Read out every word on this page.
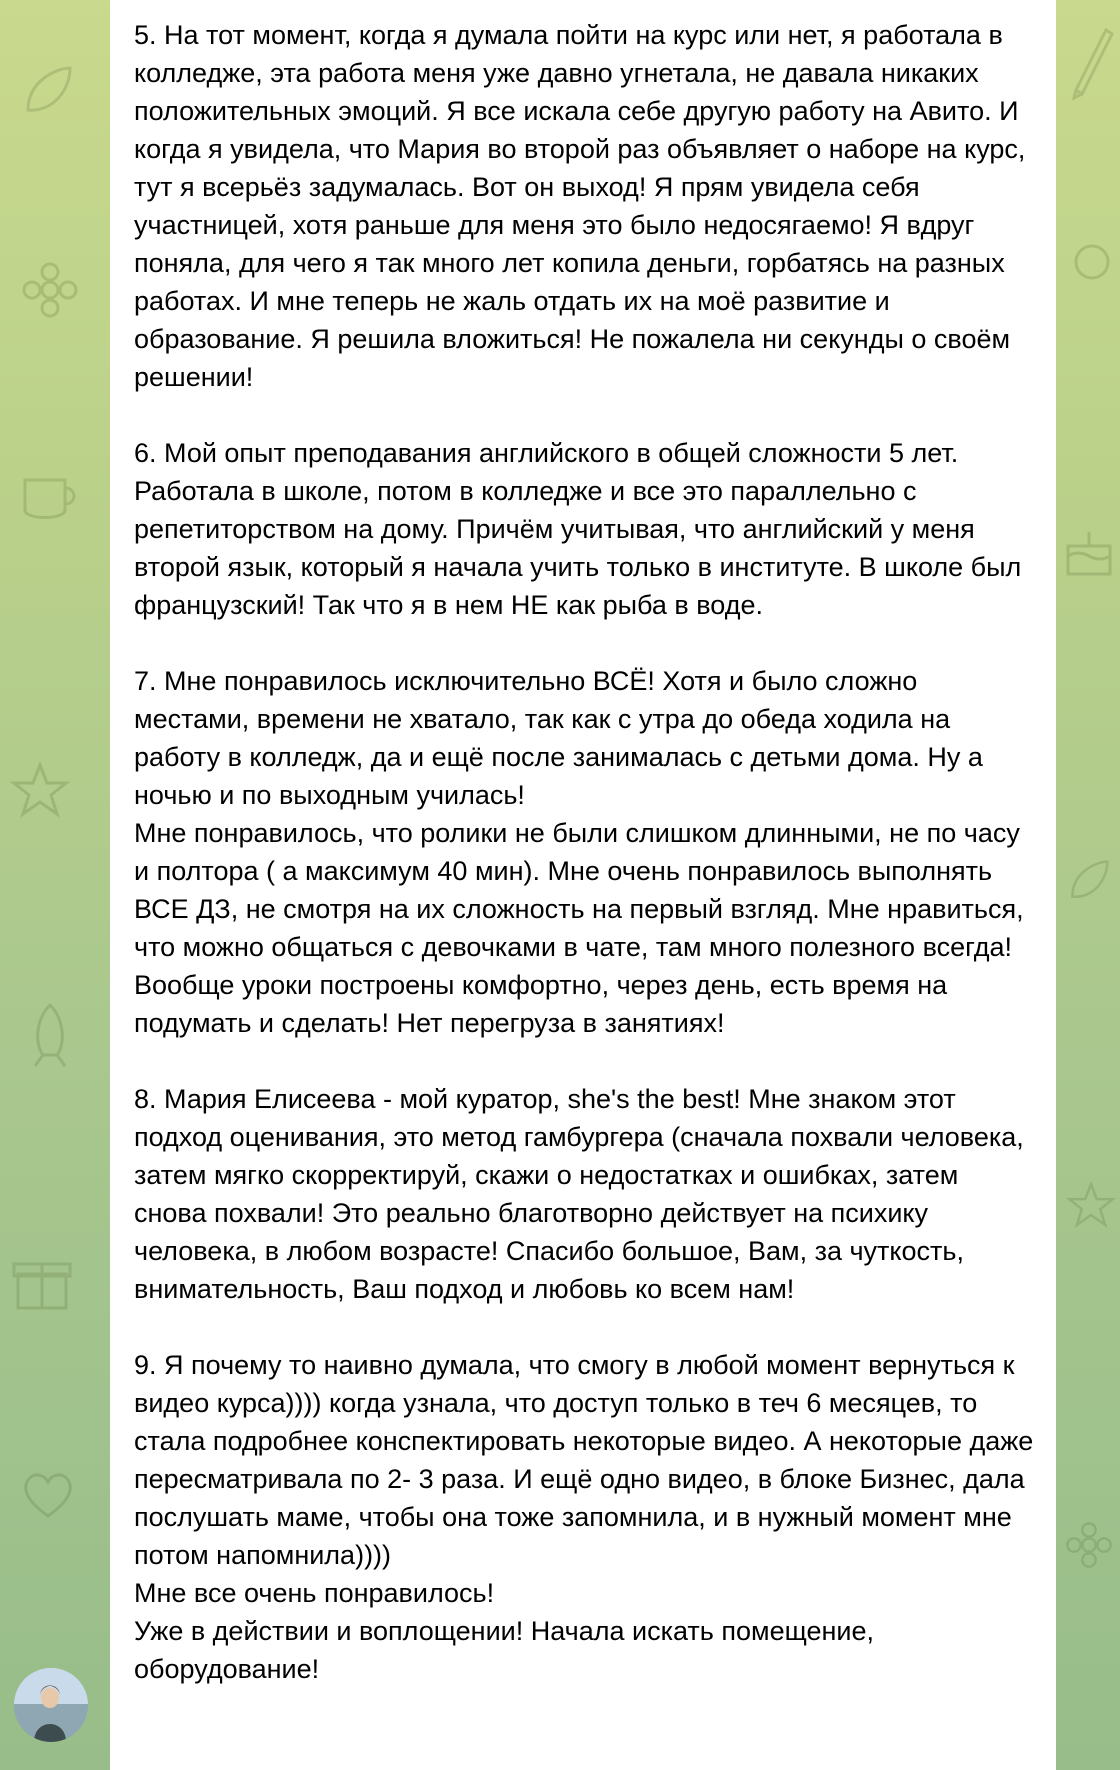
5. На тот момент, когда я думала пойти на курс или нет, я работала в колледже, эта работа меня уже давно угнетала, не давала никаких положительных эмоций. Я все искала себе другую работу на Авито. И когда я увидела, что Мария во второй раз объявляет о наборе на курс, тут я всерьёз задумалась. Вот он выход! Я прям увидела себя участницей, хотя раньше для меня это было недосягаемо! Я вдруг поняла, для чего я так много лет копила деньги, горбатясь на разных работах. И мне теперь не жаль отдать их на моё развитие и образование. Я решила вложиться! Не пожалела ни секунды о своём решении!

6. Мой опыт преподавания английского в общей сложности 5 лет. Работала в школе, потом в колледже и все это параллельно с репетиторством на дому. Причём учитывая, что английский у меня второй язык, который я начала учить только в институте. В школе был французский! Так что я в нем НЕ как рыба в воде.

7. Мне понравилось исключительно ВСЁ! Хотя и было сложно местами, времени не хватало, так как с утра до обеда ходила на работу в колледж, да и ещё после занималась с детьми дома. Ну а ночью и по выходным училась!
Мне понравилось, что ролики не были слишком длинными, не по часу и полтора ( а максимум 40 мин). Мне очень понравилось выполнять ВСЕ ДЗ, не смотря на их сложность на первый взгляд. Мне нравиться, что можно общаться с девочками в чате, там много полезного всегда! Вообще уроки построены комфортно, через день, есть время на подумать и сделать! Нет перегруза в занятиях!

8. Мария Елисеева - мой куратор, she's the best! Мне знаком этот подход оценивания, это метод гамбургера (сначала похвали человека, затем мягко скорректируй, скажи о недостатках и ошибках, затем снова похвали! Это реально благотворно действует на психику человека, в любом возрасте! Спасибо большое, Вам, за чуткость, внимательность, Ваш подход и любовь ко всем нам!

9. Я почему то наивно думала, что смогу в любой момент вернуться к видео курса)))) когда узнала, что доступ только в теч 6 месяцев, то стала подробнее конспектировать некоторые видео. А некоторые даже пересматривала по 2- 3 раза. И ещё одно видео, в блоке Бизнес, дала послушать маме, чтобы она тоже запомнила, и в нужный момент мне потом напомнила))))
Мне все очень понравилось!
Уже в действии и воплощении! Начала искать помещение, оборудование!
